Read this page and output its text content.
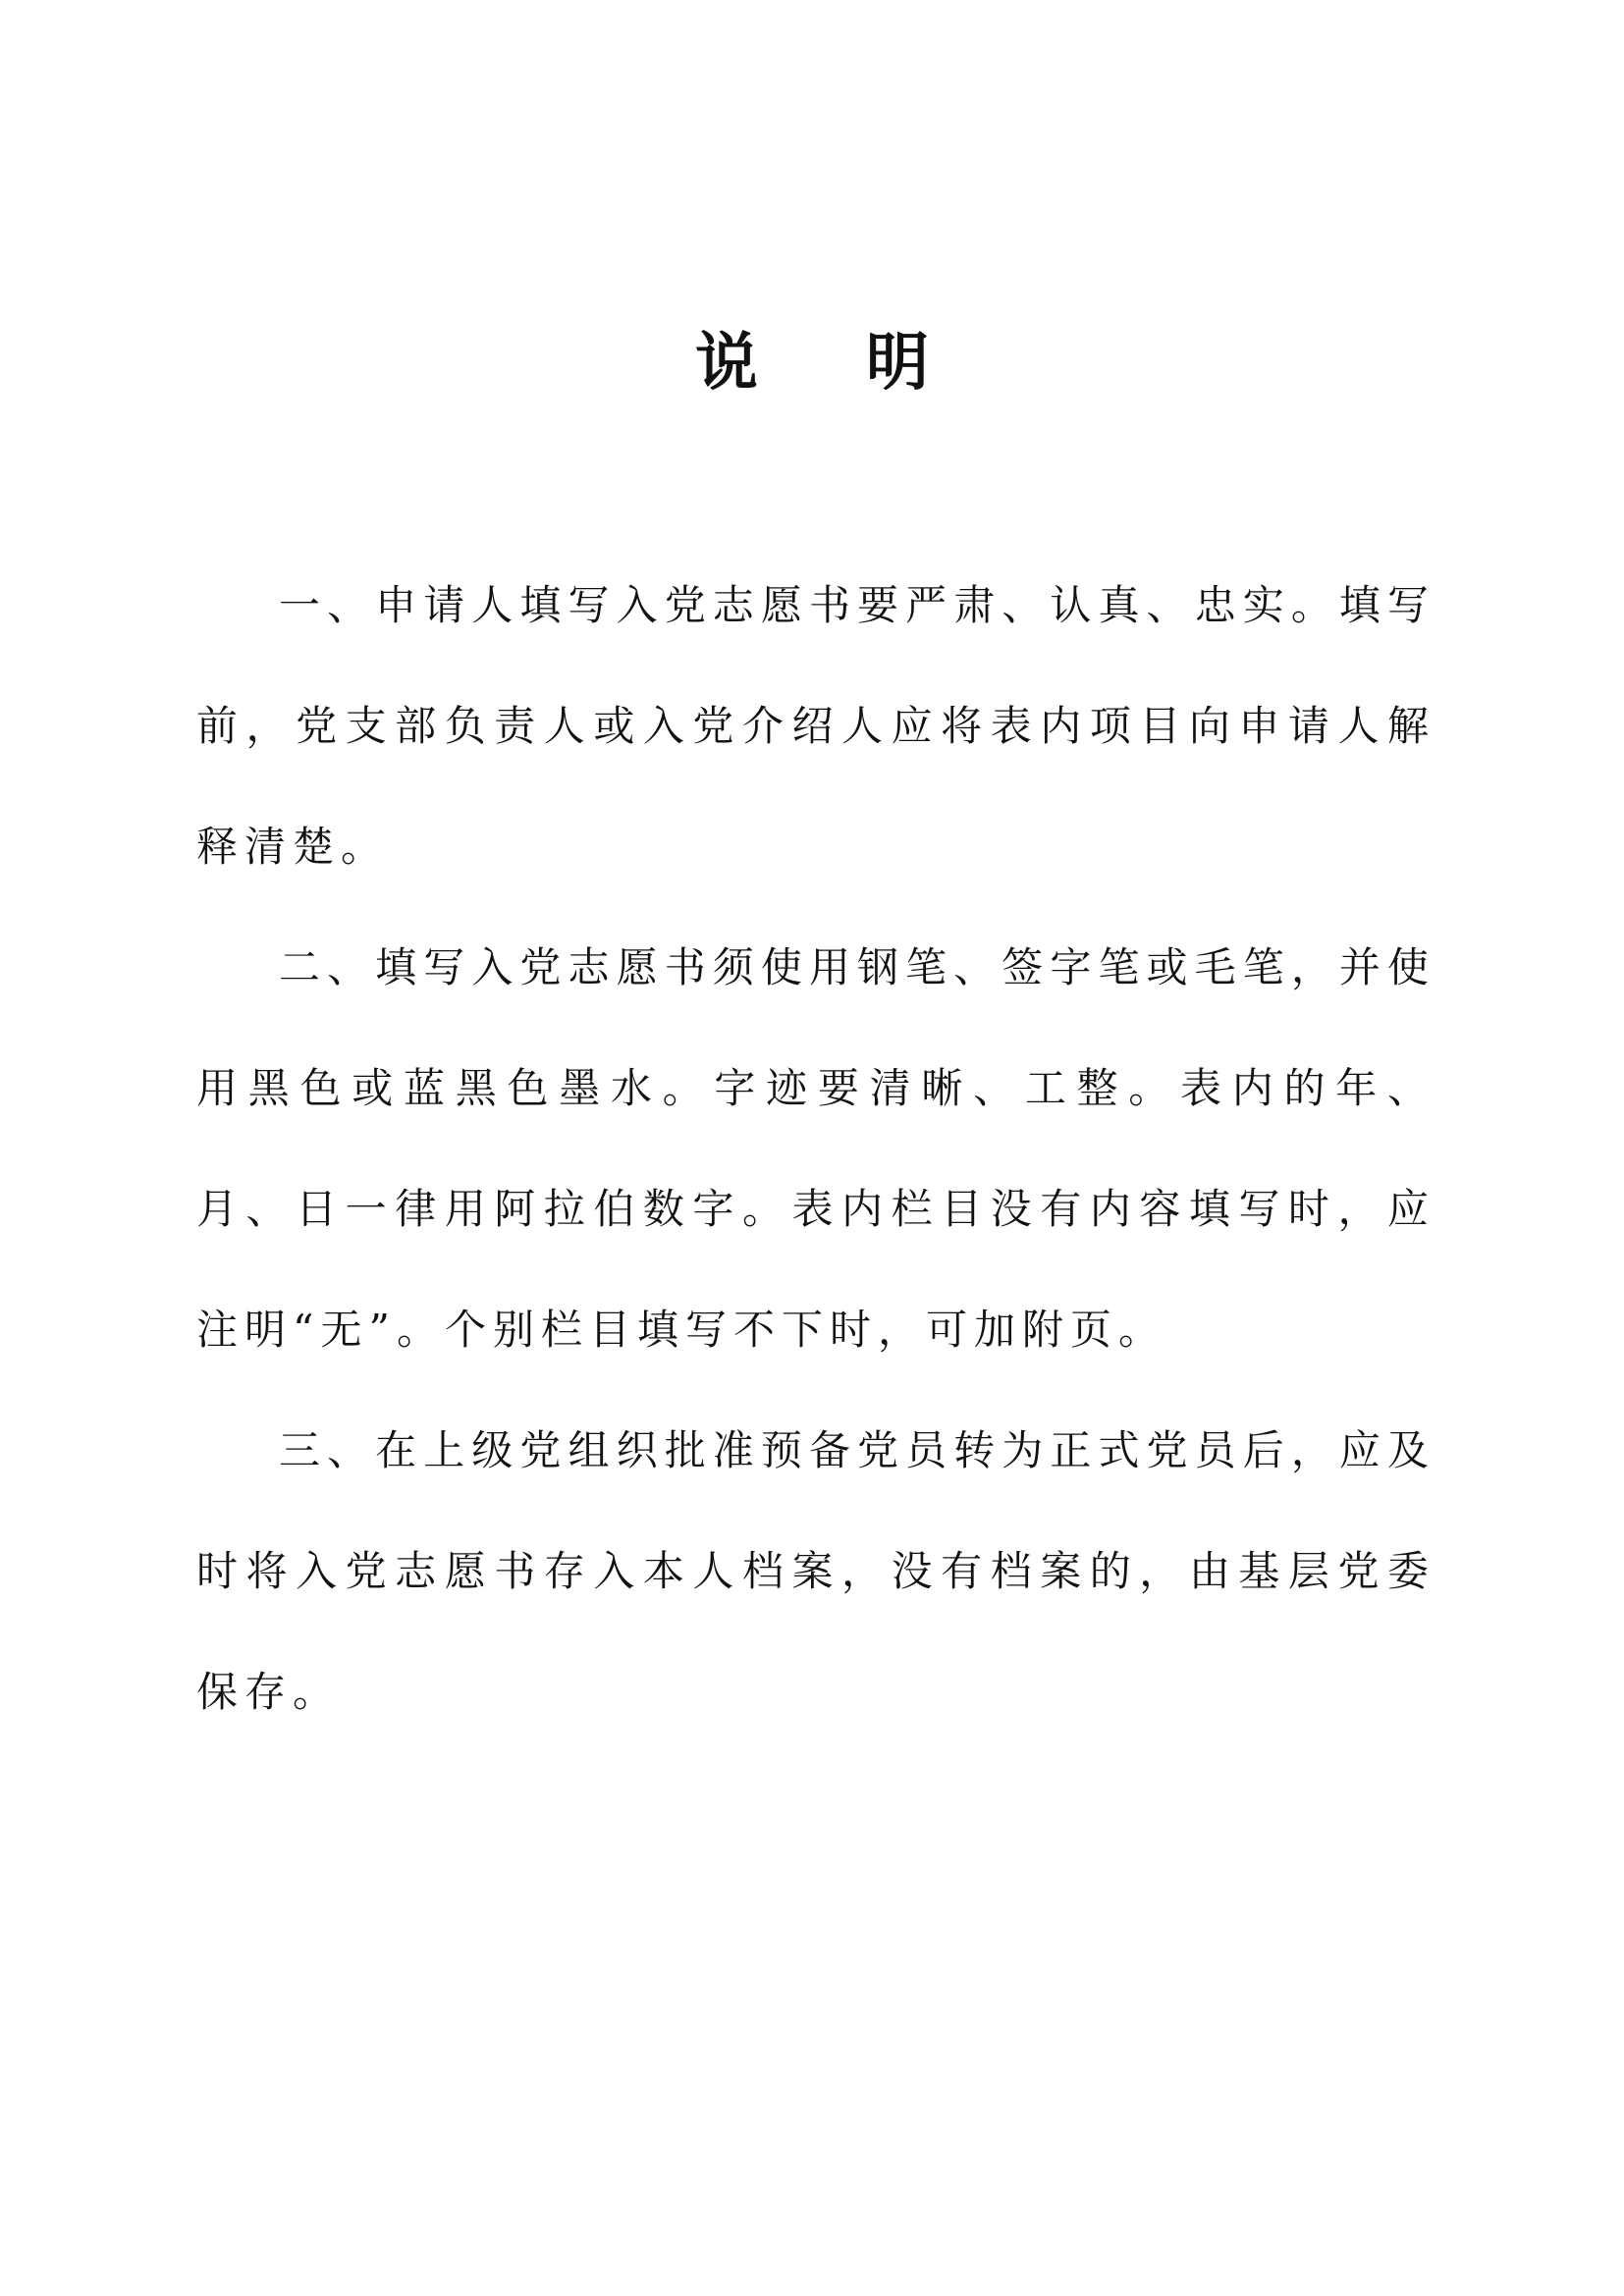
说 明

一、申请人填写入党志愿书要严肃、认真、忠实。填写前，党支部负责人或入党介绍人应将表内项目向申请人解释清楚。

二、填写入党志愿书须使用钢笔、签字笔或毛笔，并使用黑色或蓝黑色墨水。字迹要清晰、工整。表内的年、月、日一律用阿拉伯数字。表内栏目没有内容填写时，应注明“无”。个别栏目填写不下时，可加附页。

三、在上级党组织批准预备党员转为正式党员后，应及时将入党志愿书存入本人档案，没有档案的，由基层党委保存。
